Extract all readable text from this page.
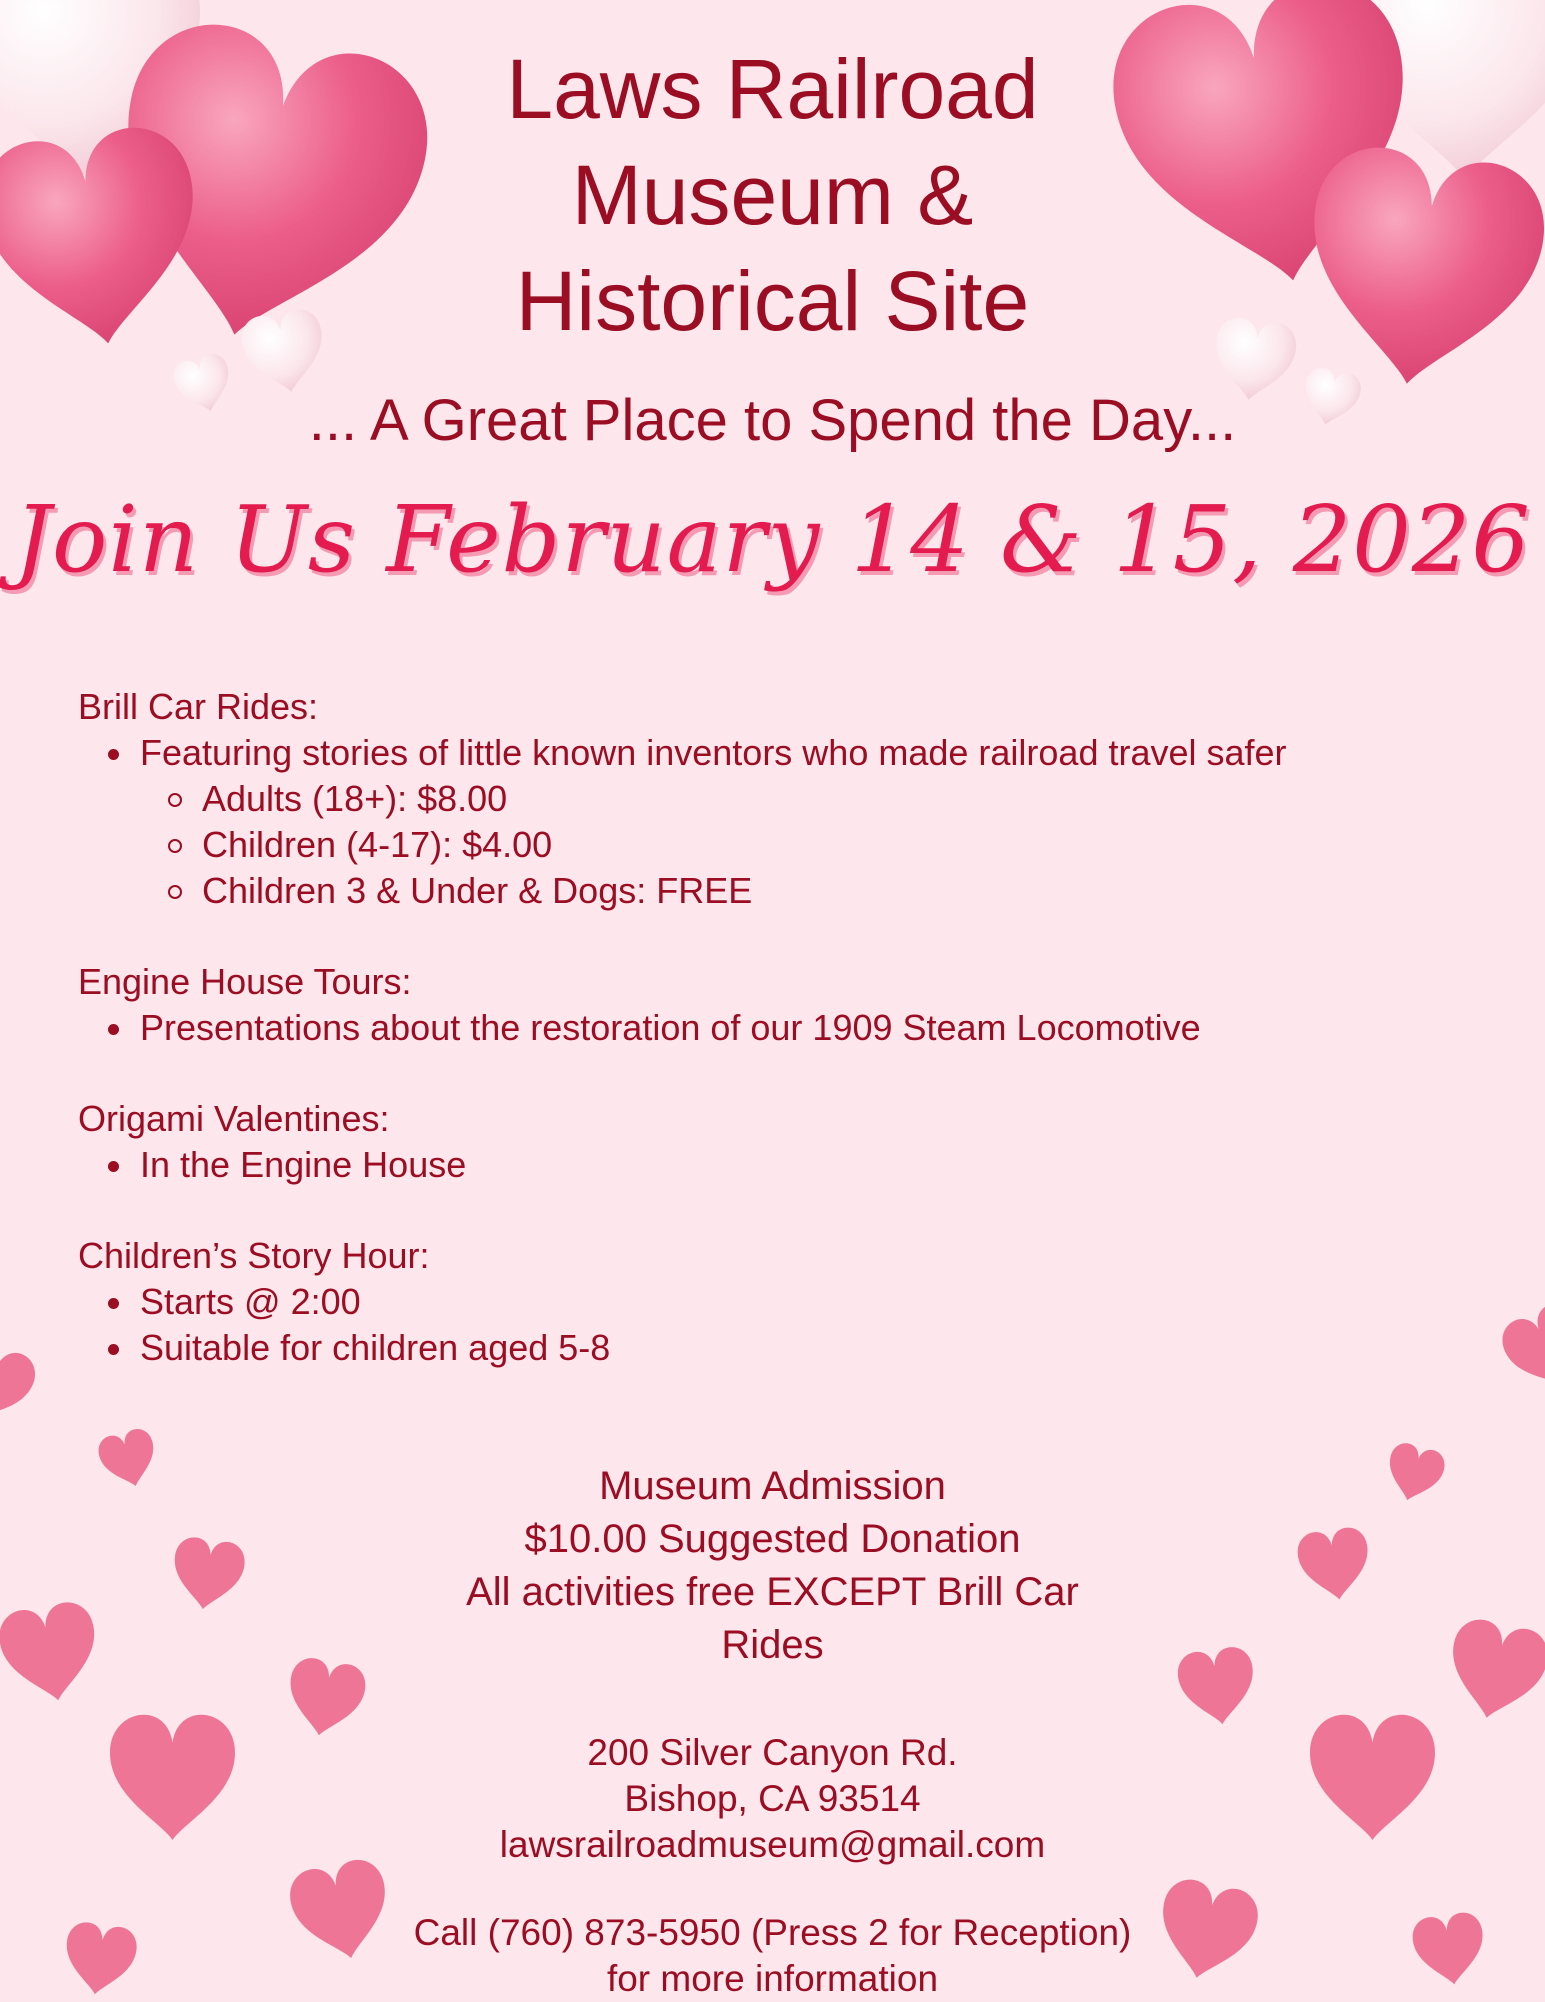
Laws Railroad
Museum &
Historical Site
... A Great Place to Spend the Day...
Join Us February 14 & 15, 2026
Brill Car Rides:
Featuring stories of little known inventors who made railroad travel safer
Adults (18+): $8.00
Children (4-17): $4.00
Children 3 & Under & Dogs: FREE
Engine House Tours:
Presentations about the restoration of our 1909 Steam Locomotive
Origami Valentines:
In the Engine House
Children’s Story Hour:
Starts @ 2:00
Suitable for children aged 5-8
Museum Admission
$10.00 Suggested Donation
All activities free EXCEPT Brill Car Rides
200 Silver Canyon Rd.
Bishop, CA 93514
lawsrailroadmuseum@gmail.com
Call (760) 873-5950 (Press 2 for Reception)
for more information
